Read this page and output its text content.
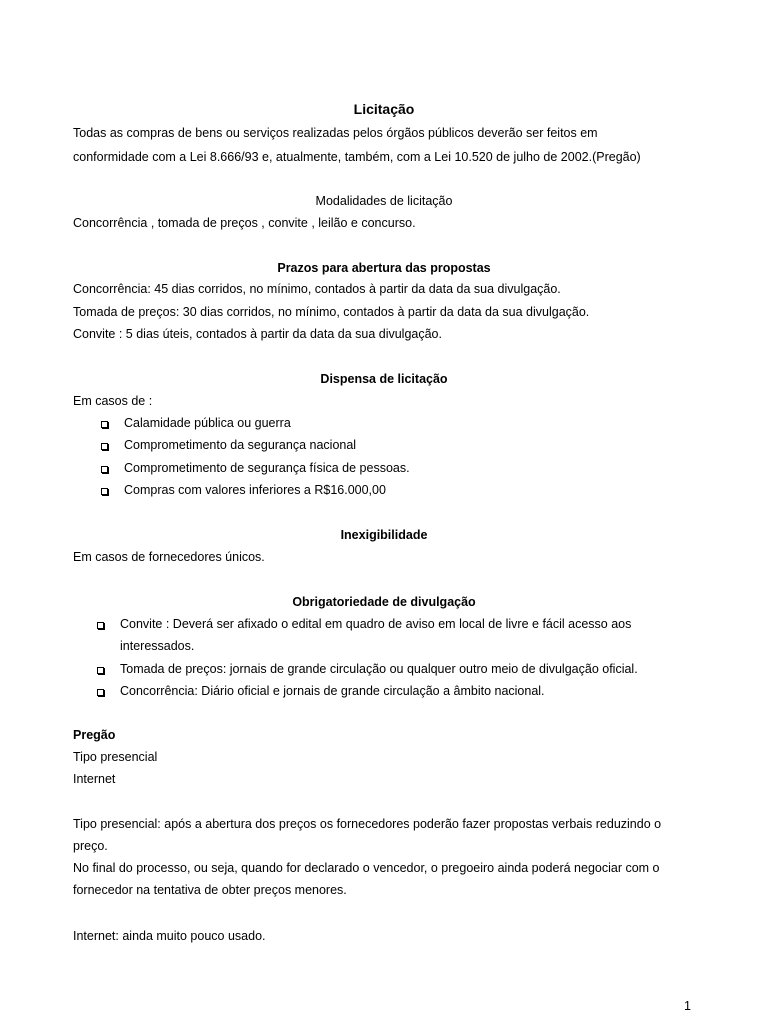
Licitação
Todas as compras de bens ou serviços realizadas pelos órgãos públicos deverão ser feitos em
conformidade com a Lei 8.666/93 e, atualmente, também, com a Lei 10.520 de julho de 2002.(Pregão)
Modalidades de licitação
Concorrência , tomada de preços , convite , leilão e concurso.
Prazos para abertura das propostas
Concorrência: 45 dias corridos, no mínimo, contados à partir da data da sua divulgação.
Tomada de preços: 30 dias corridos, no mínimo, contados à partir da data da sua divulgação.
Convite : 5 dias úteis, contados à partir da data da sua divulgação.
Dispensa de licitação
Em casos de :
Calamidade pública ou guerra
Comprometimento da segurança nacional
Comprometimento de segurança física de pessoas.
Compras com valores inferiores a R$16.000,00
Inexigibilidade
Em casos de fornecedores únicos.
Obrigatoriedade de divulgação
Convite : Deverá ser afixado o edital em quadro de aviso em local de livre e fácil acesso aos
interessados.
Tomada de preços: jornais de grande circulação ou qualquer outro meio de divulgação oficial.
Concorrência: Diário oficial e jornais de grande circulação a âmbito nacional.
Pregão
Tipo presencial
Internet
Tipo presencial: após a abertura dos preços os fornecedores poderão fazer propostas verbais reduzindo o
preço.
No final do processo, ou seja, quando for declarado o vencedor, o pregoeiro ainda poderá negociar com o
fornecedor na tentativa de obter preços menores.
Internet: ainda muito pouco usado.
1
